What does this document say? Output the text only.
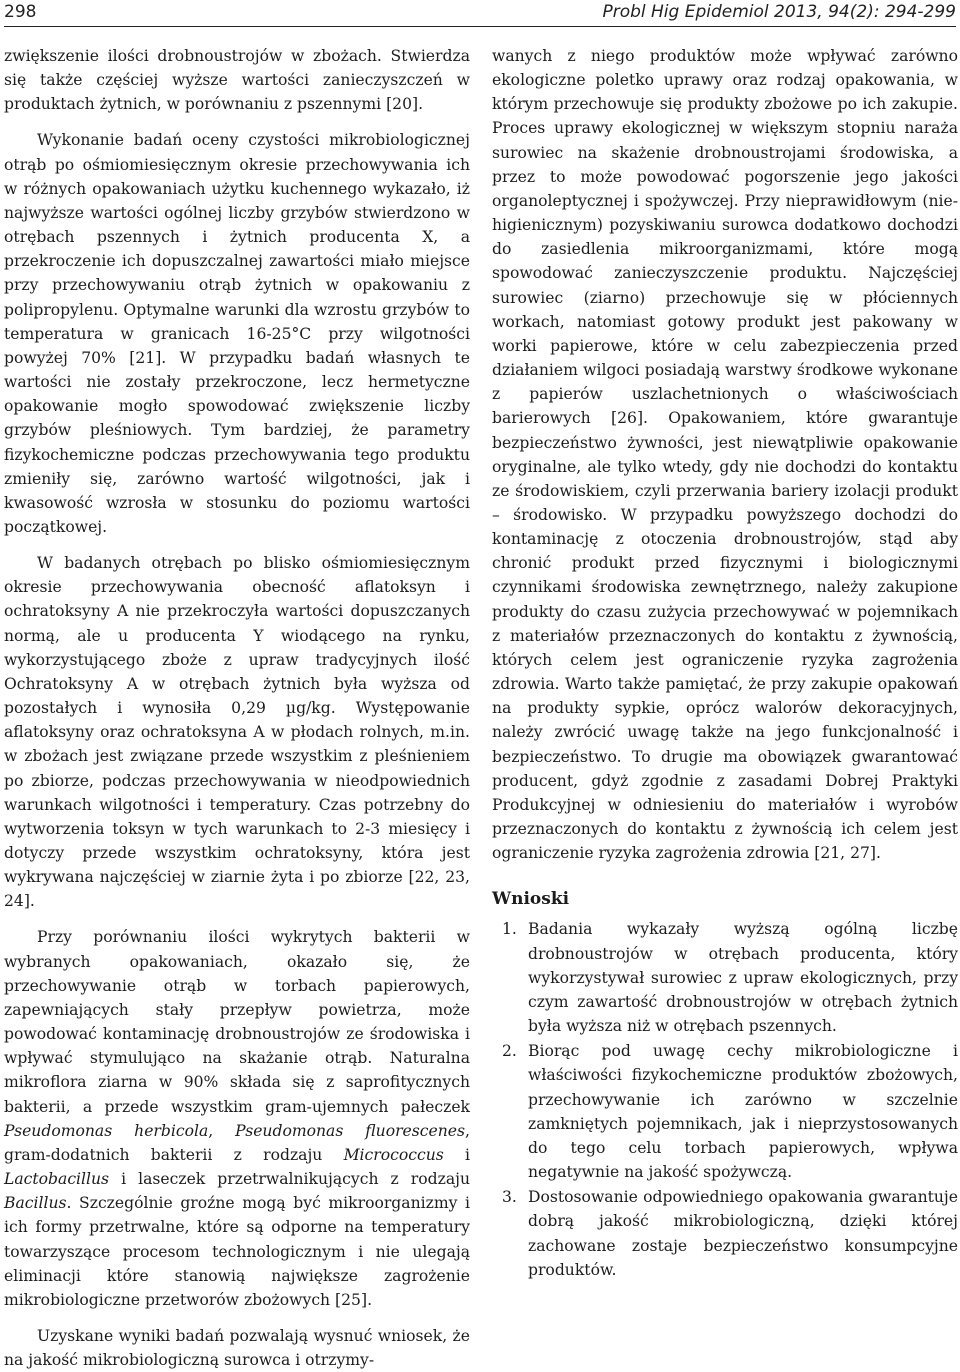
298	Probl Hig Epidemiol 2013, 94(2): 294-299

zwiększenie ilości drobnoustrojów w zbożach. Stwierdza się także częściej wyższe wartości zanieczyszczeń w produktach żytnich, w porównaniu z pszennymi [20].

Wykonanie badań oceny czystości mikrobiologicznej otrąb po ośmiomiesięcznym okresie przechowywania ich w różnych opakowaniach użytku kuchennego wykazało, iż najwyższe wartości ogólnej liczby grzybów stwierdzono w otrębach pszennych i żytnich producenta X, a przekroczenie ich dopuszczalnej zawartości miało miejsce przy przechowywaniu otrąb żytnich w opakowaniu z polipropylenu. Optymalne warunki dla wzrostu grzybów to temperatura w granicach 16-25°C przy wilgotności powyżej 70% [21]. W przypadku badań własnych te wartości nie zostały przekroczone, lecz hermetyczne opakowanie mogło spowodować zwiększenie liczby grzybów pleśniowych. Tym bardziej, że parametry fizykochemiczne podczas przechowywania tego produktu zmieniły się, zarówno wartość wilgotności, jak i kwasowość wzrosła w stosunku do poziomu wartości początkowej.

W badanych otrębach po blisko ośmiomiesięcznym okresie przechowywania obecność aflatoksyn i ochratoksyny A nie przekroczyła wartości dopuszczanych normą, ale u producenta Y wiodącego na rynku, wykorzystującego zboże z upraw tradycyjnych ilość Ochratoksyny A w otrębach żytnich była wyższa od pozostałych i wynosiła 0,29 µg/kg. Występowanie aflatoksyny oraz ochratoksyna A w płodach rolnych, m.in. w zbożach jest związane przede wszystkim z pleśnieniem po zbiorze, podczas przechowywania w nieodpowiednich warunkach wilgotności i temperatury. Czas potrzebny do wytworzenia toksyn w tych warunkach to 2-3 miesięcy i dotyczy przede wszystkim ochratoksyny, która jest wykrywana najczęściej w ziarnie żyta i po zbiorze [22, 23, 24].

Przy porównaniu ilości wykrytych bakterii w wybranych opakowaniach, okazało się, że przechowywanie otrąb w torbach papierowych, zapewniających stały przepływ powietrza, może powodować kontaminację drobnoustrojów ze środowiska i wpływać stymulująco na skażanie otrąb. Naturalna mikroflora ziarna w 90% składa się z saprofitycznych bakterii, a przede wszystkim gram-ujemnych pałeczek Pseudomonas herbicola, Pseudomonas fluorescenes, gram-dodatnich bakterii z rodzaju Micrococcus i Lactobacillus i laseczek przetrwalnikujących z rodzaju Bacillus. Szczególnie groźne mogą być mikroorganizmy i ich formy przetrwalne, które są odporne na temperatury towarzyszące procesom technologicznym i nie ulegają eliminacji które stanowią największe zagrożenie mikrobiologiczne przetworów zbożowych [25].

Uzyskane wyniki badań pozwalają wysnuć wniosek, że na jakość mikrobiologiczną surowca i otrzymy-

wanych z niego produktów może wpływać zarówno ekologiczne poletko uprawy oraz rodzaj opakowania, w którym przechowuje się produkty zbożowe po ich zakupie. Proces uprawy ekologicznej w większym stopniu naraża surowiec na skażenie drobnoustrojami środowiska, a przez to może powodować pogorszenie jego jakości organoleptycznej i spożywczej. Przy nieprawidłowym (nie-higienicznym) pozyskiwaniu surowca dodatkowo dochodzi do zasiedlenia mikroorganizmami, które mogą spowodować zanieczyszczenie produktu. Najczęściej surowiec (ziarno) przechowuje się w płóciennych workach, natomiast gotowy produkt jest pakowany w worki papierowe, które w celu zabezpieczenia przed działaniem wilgoci posiadają warstwy środkowe wykonane z papierów uszlachetnionych o właściwościach barierowych [26]. Opakowaniem, które gwarantuje bezpieczeństwo żywności, jest niewątpliwie opakowanie oryginalne, ale tylko wtedy, gdy nie dochodzi do kontaktu ze środowiskiem, czyli przerwania bariery izolacji produkt – środowisko. W przypadku powyższego dochodzi do kontaminację z otoczenia drobnoustrojów, stąd aby chronić produkt przed fizycznymi i biologicznymi czynnikami środowiska zewnętrznego, należy zakupione produkty do czasu zużycia przechowywać w pojemnikach z materiałów przeznaczonych do kontaktu z żywnością, których celem jest ograniczenie ryzyka zagrożenia zdrowia. Warto także pamiętać, że przy zakupie opakowań na produkty sypkie, oprócz walorów dekoracyjnych, należy zwrócić uwagę także na jego funkcjonalność i bezpieczeństwo. To drugie ma obowiązek gwarantować producent, gdyż zgodnie z zasadami Dobrej Praktyki Produkcyjnej w odniesieniu do materiałów i wyrobów przeznaczonych do kontaktu z żywnością ich celem jest ograniczenie ryzyka zagrożenia zdrowia [21, 27].

Wnioski
1. Badania wykazały wyższą ogólną liczbę drobnoustrojów w otrębach producenta, który wykorzystywał surowiec z upraw ekologicznych, przy czym zawartość drobnoustrojów w otrębach żytnich była wyższa niż w otrębach pszennych.
2. Biorąc pod uwagę cechy mikrobiologiczne i właściwości fizykochemiczne produktów zbożowych, przechowywanie ich zarówno w szczelnie zamkniętych pojemnikach, jak i nieprzystosowanych do tego celu torbach papierowych, wpływa negatywnie na jakość spożywczą.
3. Dostosowanie odpowiedniego opakowania gwarantuje dobrą jakość mikrobiologiczną, dzięki której zachowane zostaje bezpieczeństwo konsumpcyjne produktów.
